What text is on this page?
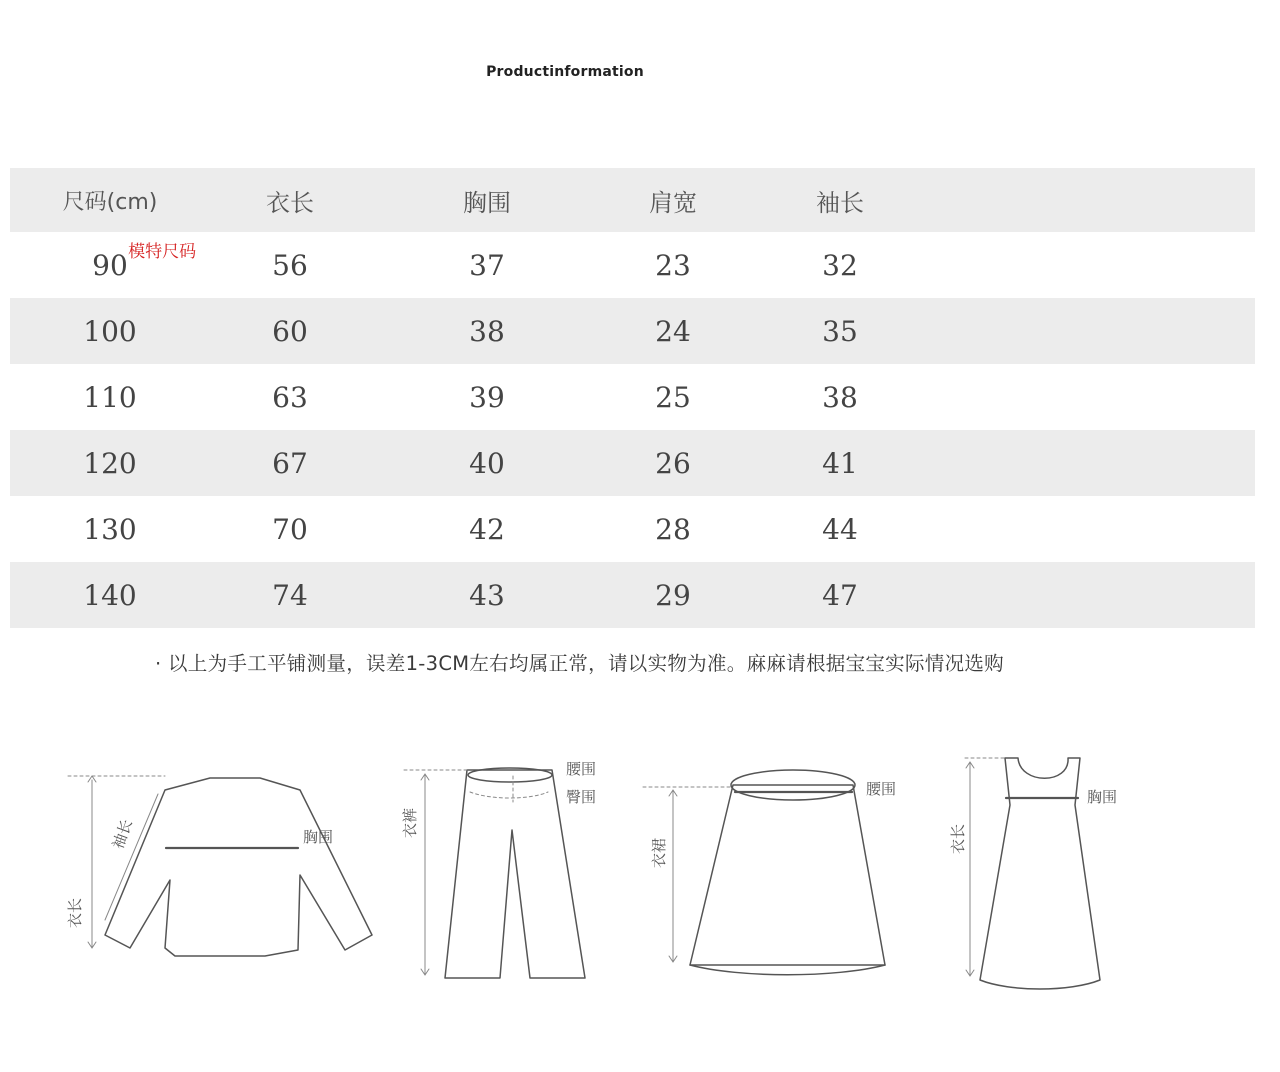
Productinformation
尺码(cm)	衣长	胸围	肩宽	袖长
90 模特尺码	56	37	23	32
100	60	38	24	35
110	63	39	25	38
120	67	40	26	41
130	70	42	28	44
140	74	43	29	47
· 以上为手工平铺测量，误差1-3CM左右均属正常，请以实物为准。麻麻请根据宝宝实际情况选购
胸围
衣长
袖长
腰围
臀围
衣裤
腰围
衣裙
胸围
衣长
